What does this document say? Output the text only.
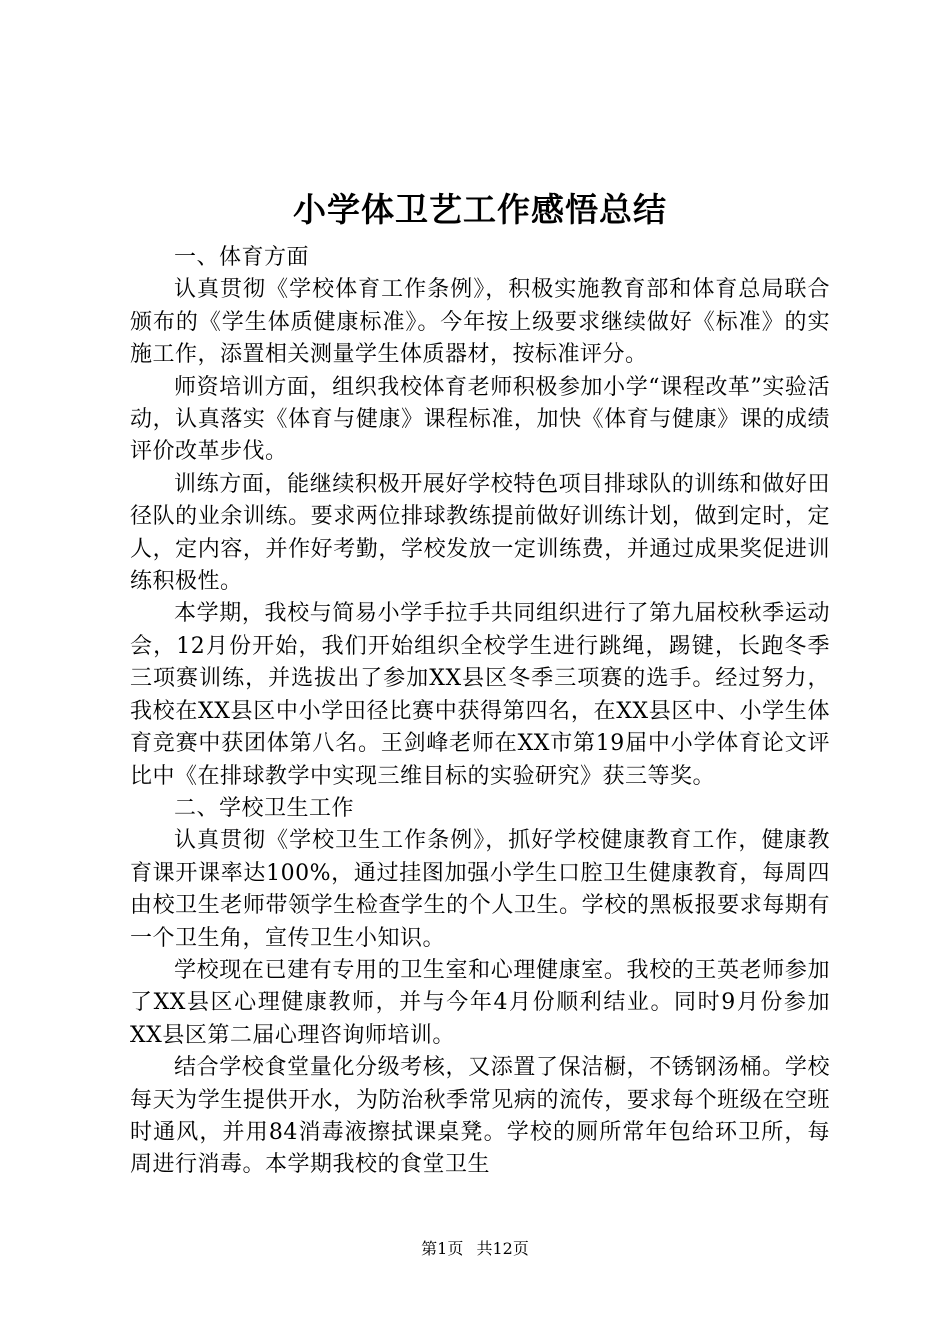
小学体卫艺工作感悟总结

一、体育方面

认真贯彻《学校体育工作条例》，积极实施教育部和体育总局联合颁布的《学生体质健康标准》。今年按上级要求继续做好《标准》的实施工作，添置相关测量学生体质器材，按标准评分。

师资培训方面，组织我校体育老师积极参加小学“课程改革”实验活动，认真落实《体育与健康》课程标准，加快《体育与健康》课的成绩评价改革步伐。

训练方面，能继续积极开展好学校特色项目排球队的训练和做好田径队的业余训练。要求两位排球教练提前做好训练计划，做到定时，定人，定内容，并作好考勤，学校发放一定训练费，并通过成果奖促进训练积极性。

本学期，我校与简易小学手拉手共同组织进行了第九届校秋季运动会，12月份开始，我们开始组织全校学生进行跳绳，踢键，长跑冬季三项赛训练，并选拔出了参加XX县区冬季三项赛的选手。经过努力，我校在XX县区中小学田径比赛中获得第四名，在XX县区中、小学生体育竞赛中获团体第八名。王剑峰老师在XX市第19届中小学体育论文评比中《在排球教学中实现三维目标的实验研究》获三等奖。

二、学校卫生工作

认真贯彻《学校卫生工作条例》，抓好学校健康教育工作，健康教育课开课率达100%，通过挂图加强小学生口腔卫生健康教育，每周四由校卫生老师带领学生检查学生的个人卫生。学校的黑板报要求每期有一个卫生角，宣传卫生小知识。

学校现在已建有专用的卫生室和心理健康室。我校的王英老师参加了XX县区心理健康教师，并与今年4月份顺利结业。同时9月份参加XX县区第二届心理咨询师培训。

结合学校食堂量化分级考核，又添置了保洁橱，不锈钢汤桶。学校每天为学生提供开水，为防治秋季常见病的流传，要求每个班级在空班时通风，并用84消毒液擦拭课桌凳。学校的厕所常年包给环卫所，每周进行消毒。本学期我校的食堂卫生

第1页 共12页
